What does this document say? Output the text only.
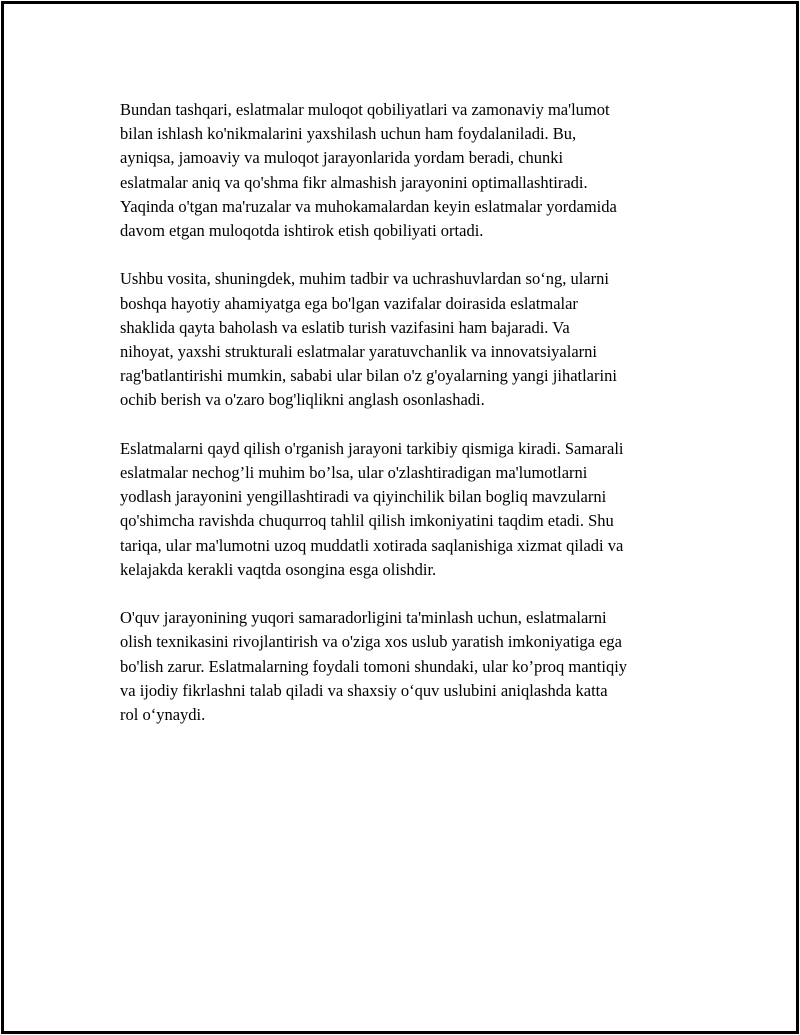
Bundan tashqari, eslatmalar muloqot qobiliyatlari va zamonaviy ma'lumot
bilan ishlash ko'nikmalarini yaxshilash uchun ham foydalaniladi. Bu,
ayniqsa, jamoaviy va muloqot jarayonlarida yordam beradi, chunki
eslatmalar aniq va qo'shma fikr almashish jarayonini optimallashtiradi.
Yaqinda o'tgan ma'ruzalar va muhokamalardan keyin eslatmalar yordamida
davom etgan muloqotda ishtirok etish qobiliyati ortadi.

Ushbu vosita, shuningdek, muhim tadbir va uchrashuvlardan so‘ng, ularni
boshqa hayotiy ahamiyatga ega bo'lgan vazifalar doirasida eslatmalar
shaklida qayta baholash va eslatib turish vazifasini ham bajaradi. Va
nihoyat, yaxshi strukturali eslatmalar yaratuvchanlik va innovatsiyalarni
rag'batlantirishi mumkin, sababi ular bilan o'z g'oyalarning yangi jihatlarini
ochib berish va o'zaro bog'liqlikni anglash osonlashadi.

Eslatmalarni qayd qilish o'rganish jarayoni tarkibiy qismiga kiradi. Samarali
eslatmalar nechog’li muhim bo’lsa, ular o'zlashtiradigan ma'lumotlarni
yodlash jarayonini yengillashtiradi va qiyinchilik bilan bogliq mavzularni
qo'shimcha ravishda chuqurroq tahlil qilish imkoniyatini taqdim etadi. Shu
tariqa, ular ma'lumotni uzoq muddatli xotirada saqlanishiga xizmat qiladi va
kelajakda kerakli vaqtda osongina esga olishdir.

O'quv jarayonining yuqori samaradorligini ta'minlash uchun, eslatmalarni
olish texnikasini rivojlantirish va o'ziga xos uslub yaratish imkoniyatiga ega
bo'lish zarur. Eslatmalarning foydali tomoni shundaki, ular ko’proq mantiqiy
va ijodiy fikrlashni talab qiladi va shaxsiy o‘quv uslubini aniqlashda katta
rol o‘ynaydi.
